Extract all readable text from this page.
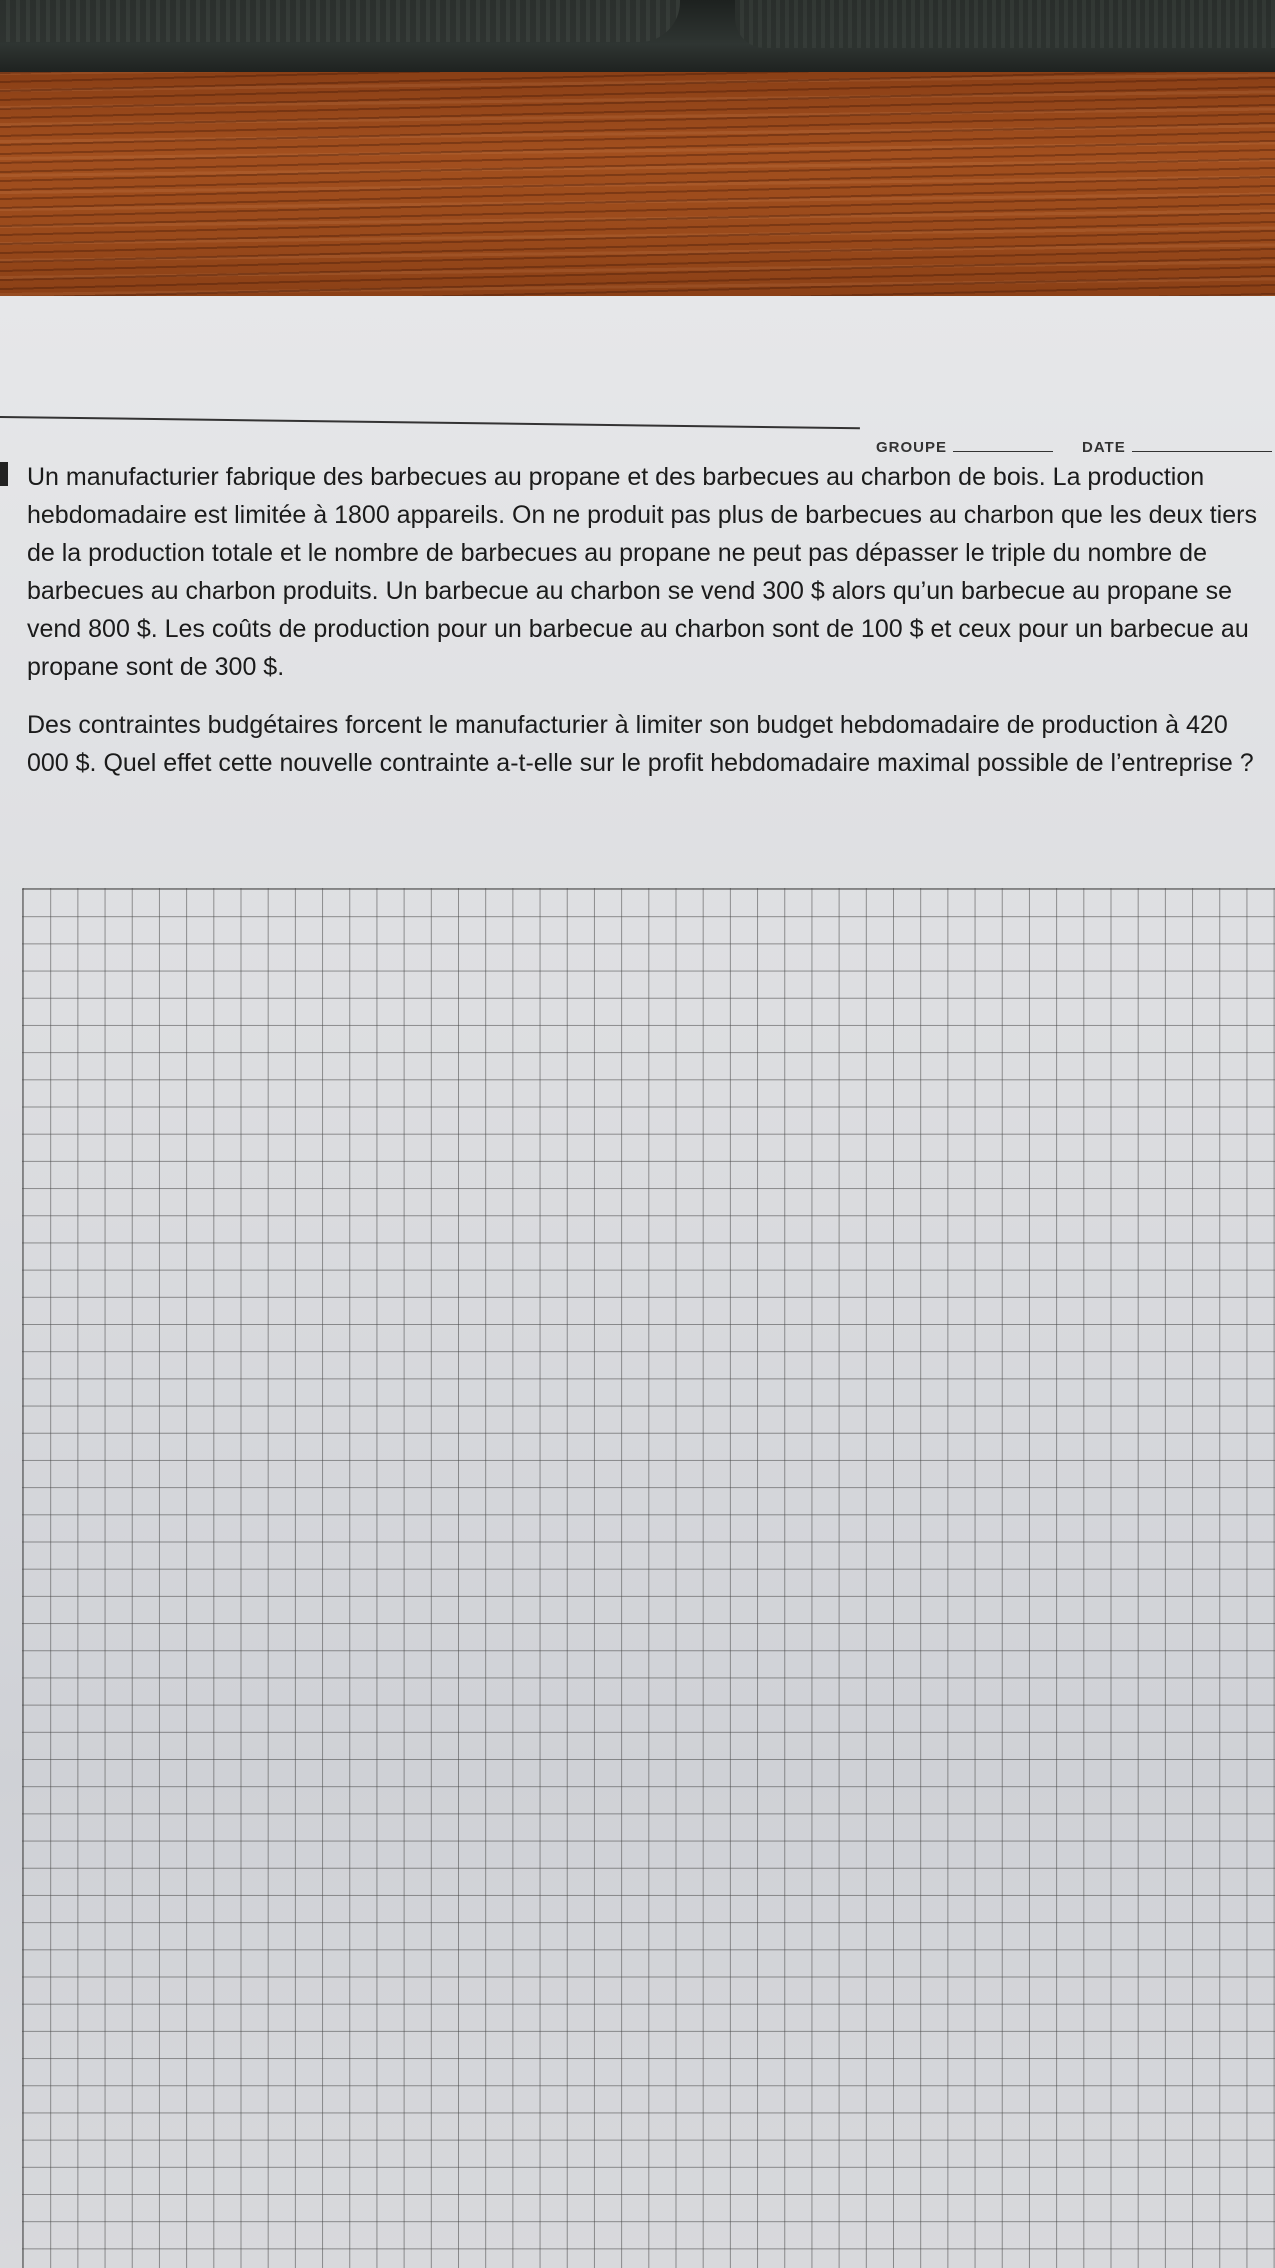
GROUPE	DATE

Un manufacturier fabrique des barbecues au propane et des barbecues au charbon de bois. La production hebdomadaire est limitée à 1800 appareils. On ne produit pas plus de barbecues au charbon que les deux tiers de la production totale et le nombre de barbecues au propane ne peut pas dépasser le triple du nombre de barbecues au charbon produits. Un barbecue au charbon se vend 300 $ alors qu’un barbecue au propane se vend 800 $. Les coûts de production pour un barbecue au charbon sont de 100 $ et ceux pour un barbecue au propane sont de 300 $.

Des contraintes budgétaires forcent le manufacturier à limiter son budget hebdomadaire de production à 420 000 $. Quel effet cette nouvelle contrainte a-t-elle sur le profit hebdomadaire maximal possible de l’entreprise ?
